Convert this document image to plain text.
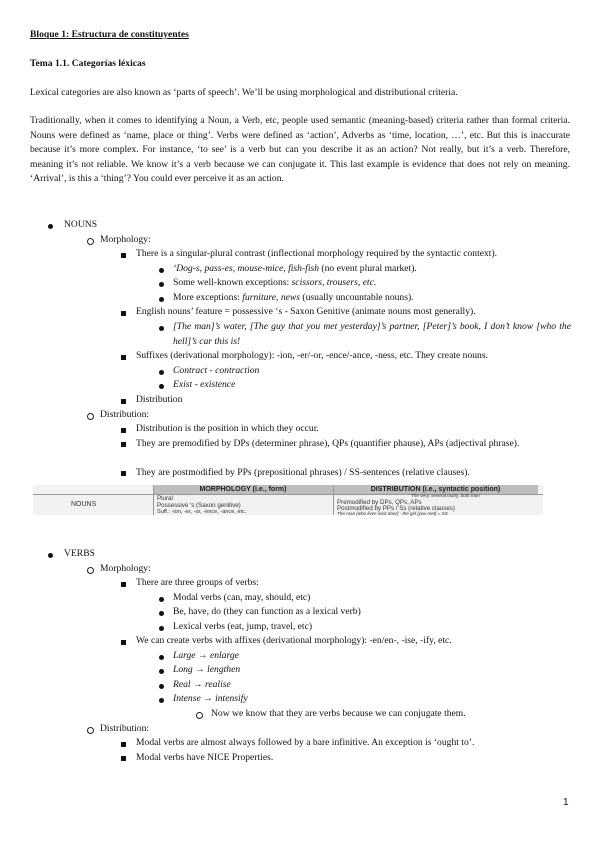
Bloque 1: Estructura de constituyentes
Tema 1.1. Categorías léxicas
Lexical categories are also known as ‘parts of speech’. We’ll be using morphological and distributional criteria.
Traditionally, when it comes to identifying a Noun, a Verb, etc, people used semantic (meaning-based) criteria rather than formal criteria. Nouns were defined as ‘name, place or thing’. Verbs were defined as ‘action’, Adverbs as ‘time, location, …’, etc. But this is inaccurate because it’s more complex. For instance, ‘to see’ is a verb but can you describe it as an action? Not really, but it’s a verb. Therefore, meaning it’s not reliable. We know it’s a verb because we can conjugate it. This last example is evidence that does not rely on meaning. ‘Arrival’, is this a ‘thing’? You could ever perceive it as an action.
NOUNS
Morphology:
There is a singular-plural contrast (inflectional morphology required by the syntactic context).
‘Dog-s, pass-es, mouse-mice, fish-fish (no event plural market).
Some well-known exceptions: scissors, trousers, etc.
More exceptions: furniture, news (usually uncountable nouns).
English nouns’ feature = possessive ‘s - Saxon Genitive (animate nouns most generally).
[The man]’s water, [The guy that you met yesterday]’s partner, [Peter]’s book, I don’t know [who the hell]’s car this is!
Suffixes (derivational morphology): -ion, -er/-or, -ence/-ance, -ness, etc. They create nouns.
Contract - contraction
Exist - existence
Distribution
Distribution:
Distribution is the position in which they occur.
They are premodified by DPs (determiner phrase), QPs (quantifier phause), APs (adjectival phrase).
They are postmodified by PPs (prepositional phrases) / SS-sentences (relative clauses).
MORPHOLOGY (i.e., form)	DISTRIBUTION (i.e., syntactic position)
NOUNS
Plural
Possessive 's (Saxon genitive)
Suff.: -ion, -er, -or, -ence, -ance, etc.
The very, several many, both man
Premodified by DPs, QPs, APs
Postmodified by PPs / Ss (relative clauses)
The man [who lives next door] - the girl [you met] = SS
VERBS
Morphology:
There are three groups of verbs:
Modal verbs (can, may, should, etc)
Be, have, do (they can function as a lexical verb)
Lexical verbs (eat, jump, travel, etc)
We can create verbs with affixes (derivational morphology): -en/en-, -ise, -ify, etc.
Large → enlarge
Long → lengthen
Real → realise
Intense → intensify
Now we know that they are verbs because we can conjugate them.
Distribution:
Modal verbs are almost always followed by a bare infinitive. An exception is ‘ought to’.
Modal verbs have NICE Properties.
1
